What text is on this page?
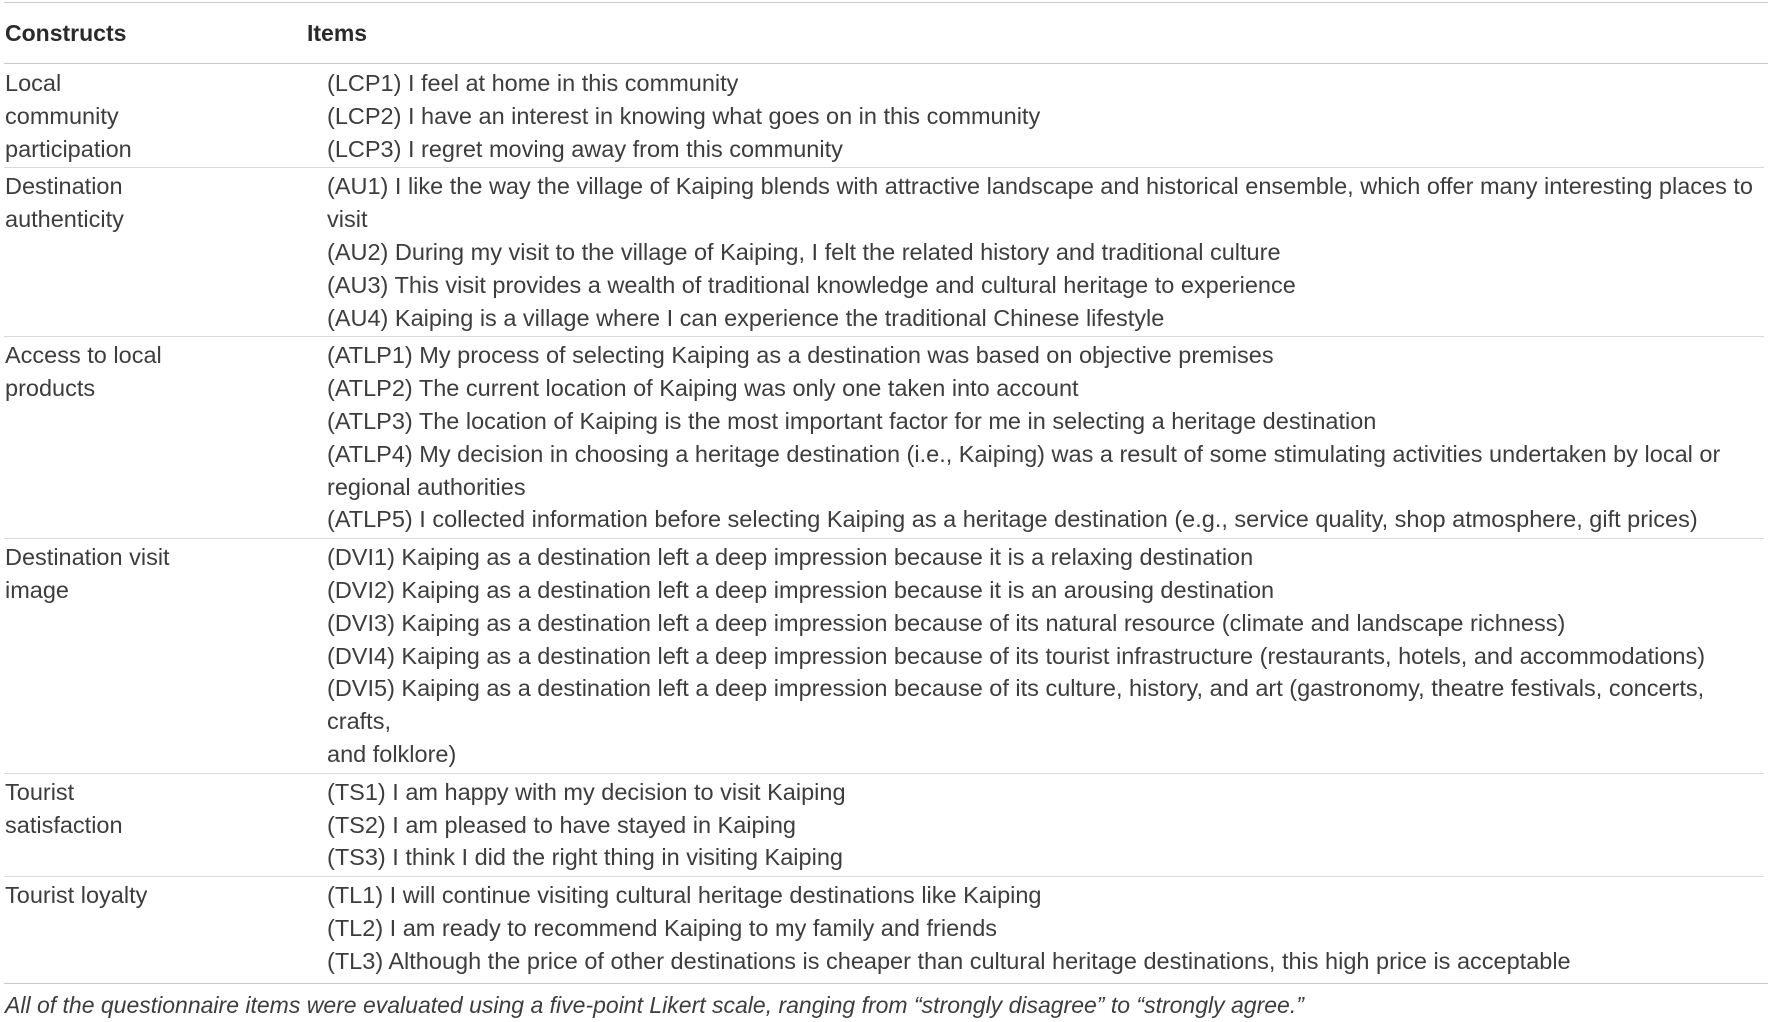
Constructs	Items
Local
community
participation
(LCP1) I feel at home in this community
(LCP2) I have an interest in knowing what goes on in this community
(LCP3) I regret moving away from this community
Destination
authenticity
(AU1) I like the way the village of Kaiping blends with attractive landscape and historical ensemble, which offer many interesting places to
visit
(AU2) During my visit to the village of Kaiping, I felt the related history and traditional culture
(AU3) This visit provides a wealth of traditional knowledge and cultural heritage to experience
(AU4) Kaiping is a village where I can experience the traditional Chinese lifestyle
Access to local
products
(ATLP1) My process of selecting Kaiping as a destination was based on objective premises
(ATLP2) The current location of Kaiping was only one taken into account
(ATLP3) The location of Kaiping is the most important factor for me in selecting a heritage destination
(ATLP4) My decision in choosing a heritage destination (i.e., Kaiping) was a result of some stimulating activities undertaken by local or
regional authorities
(ATLP5) I collected information before selecting Kaiping as a heritage destination (e.g., service quality, shop atmosphere, gift prices)
Destination visit
image
(DVI1) Kaiping as a destination left a deep impression because it is a relaxing destination
(DVI2) Kaiping as a destination left a deep impression because it is an arousing destination
(DVI3) Kaiping as a destination left a deep impression because of its natural resource (climate and landscape richness)
(DVI4) Kaiping as a destination left a deep impression because of its tourist infrastructure (restaurants, hotels, and accommodations)
(DVI5) Kaiping as a destination left a deep impression because of its culture, history, and art (gastronomy, theatre festivals, concerts, crafts,
and folklore)
Tourist
satisfaction
(TS1) I am happy with my decision to visit Kaiping
(TS2) I am pleased to have stayed in Kaiping
(TS3) I think I did the right thing in visiting Kaiping
Tourist loyalty	(TL1) I will continue visiting cultural heritage destinations like Kaiping
(TL2) I am ready to recommend Kaiping to my family and friends
(TL3) Although the price of other destinations is cheaper than cultural heritage destinations, this high price is acceptable
All of the questionnaire items were evaluated using a five-point Likert scale, ranging from “strongly disagree” to “strongly agree.”
